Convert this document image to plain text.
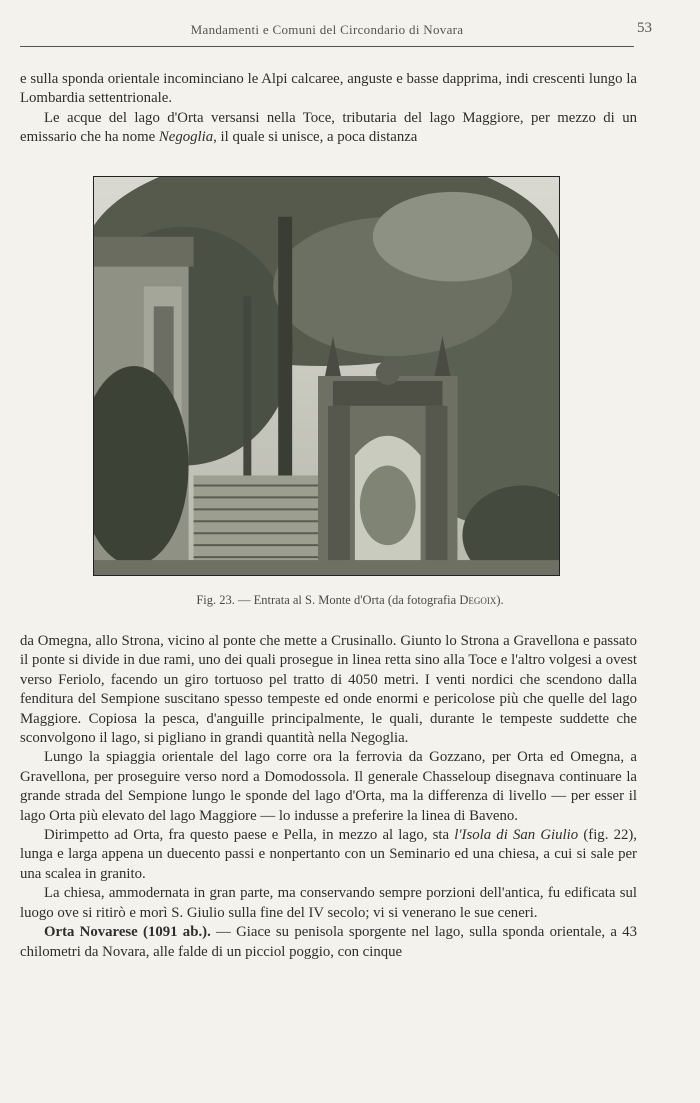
Mandamenti e Comuni del Circondario di Novara	53

e sulla sponda orientale incominciano le Alpi calcaree, anguste e basse dapprima, indi crescenti lungo la Lombardia settentrionale.

Le acque del lago d'Orta versansi nella Toce, tributaria del lago Maggiore, per mezzo di un emissario che ha nome Negoglia, il quale si unisce, a poca distanza

Fig. 23. — Entrata al S. Monte d'Orta (da fotografia Degoix).

da Omegna, allo Strona, vicino al ponte che mette a Crusinallo. Giunto lo Strona a Gravellona e passato il ponte si divide in due rami, uno dei quali prosegue in linea retta sino alla Toce e l'altro volgesi a ovest verso Feriolo, facendo un giro tortuoso pel tratto di 4050 metri. I venti nordici che scendono dalla fenditura del Sempione suscitano spesso tempeste ed onde enormi e pericolose più che quelle del lago Maggiore. Copiosa la pesca, d'anguille principalmente, le quali, durante le tempeste suddette che sconvolgono il lago, si pigliano in grandi quantità nella Negoglia.

Lungo la spiaggia orientale del lago corre ora la ferrovia da Gozzano, per Orta ed Omegna, a Gravellona, per proseguire verso nord a Domodossola. Il generale Chasseloup disegnava continuare la grande strada del Sempione lungo le sponde del lago d'Orta, ma la differenza di livello — per esser il lago Orta più elevato del lago Maggiore — lo indusse a preferire la linea di Baveno.

Dirimpetto ad Orta, fra questo paese e Pella, in mezzo al lago, sta l'Isola di San Giulio (fig. 22), lunga e larga appena un duecento passi e nonpertanto con un Seminario ed una chiesa, a cui si sale per una scalea in granito.

La chiesa, ammodernata in gran parte, ma conservando sempre porzioni dell'antica, fu edificata sul luogo ove si ritirò e morì S. Giulio sulla fine del IV secolo; vi si venerano le sue ceneri.

Orta Novarese (1091 ab.). — Giace su penisola sporgente nel lago, sulla sponda orientale, a 43 chilometri da Novara, alle falde di un picciol poggio, con cinque
